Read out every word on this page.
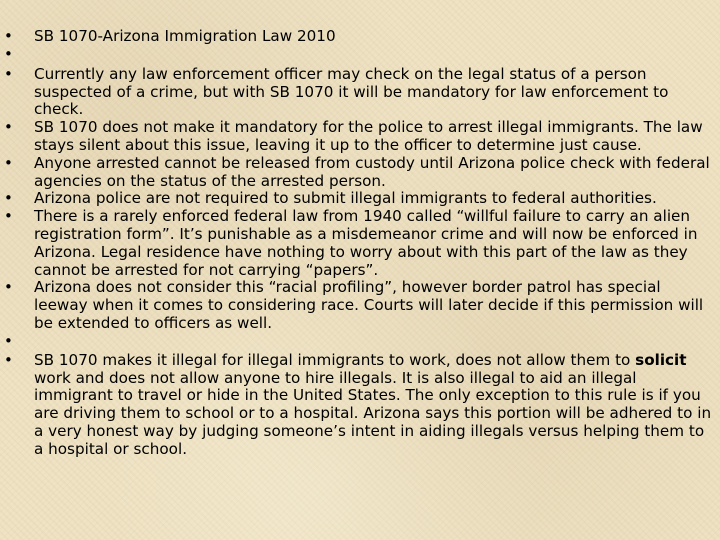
•	SB 1070-Arizona Immigration Law 2010
•
•	Currently any law enforcement officer may check on the legal status of a person suspected of a crime, but with SB 1070 it will be mandatory for law enforcement to check.
•	SB 1070 does not make it mandatory for the police to arrest illegal immigrants. The law stays silent about this issue, leaving it up to the officer to determine just cause.
•	Anyone arrested cannot be released from custody until Arizona police check with federal agencies on the status of the arrested person.
•	Arizona police are not required to submit illegal immigrants to federal authorities.
•	There is a rarely enforced federal law from 1940 called “willful failure to carry an alien registration form”. It’s punishable as a misdemeanor crime and will now be enforced in Arizona. Legal residence have nothing to worry about with this part of the law as they cannot be arrested for not carrying “papers”.
•	Arizona does not consider this “racial profiling”, however border patrol has special leeway when it comes to considering race. Courts will later decide if this permission will be extended to officers as well.
•
•	SB 1070 makes it illegal for illegal immigrants to work, does not allow them to solicit work and does not allow anyone to hire illegals. It is also illegal to aid an illegal immigrant to travel or hide in the United States. The only exception to this rule is if you are driving them to school or to a hospital. Arizona says this portion will be adhered to in a very honest way by judging someone’s intent in aiding illegals versus helping them to a hospital or school.
